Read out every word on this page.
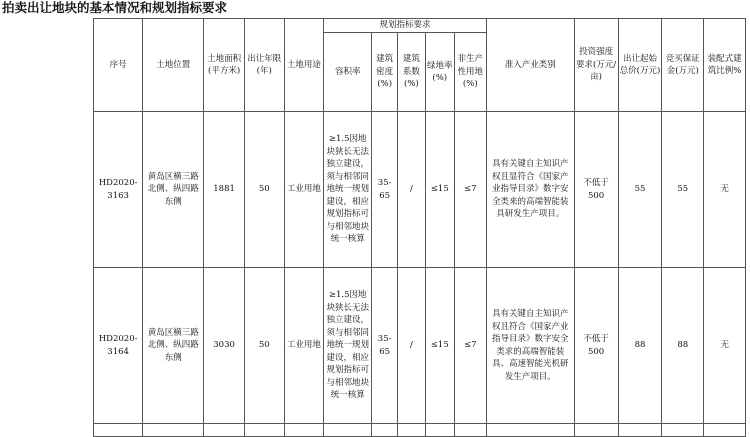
拍卖出让地块的基本情况和规划指标要求
序号	土地位置	土地面积(平方米)	出让年限(年)	土地用途	规划指标要求					准入产业类别	投资强度要求(万元/亩)	出让起始总价(万元)	竞买保证金(万元)	装配式建筑比例%
					容积率	建筑密度(%)	建筑系数(%)	绿地率(%)	非生产性用地(%)					
HD2020-3163	黄岛区横三路北侧、纵四路东侧	1881	50	工业用地	≥1.5因地块狭长无法独立建设，须与相邻同地统一规划建设，相应规划指标可与相邻地块统一核算	35-65	/	≤15	≤7	具有关键自主知识产权且显符合《国家产业指导目录》数字安全类来的高端智能装具研发生产项目。	不低于500	55	55	无
HD2020-3164	黄岛区横三路北侧、纵四路东侧	3030	50	工业用地	≥1.5因地块狭长无法独立建设，须与相邻同地统一规划建设，相应规划指标可与相邻地块统一核算	35-65	/	≤15	≤7	具有关键自主知识产权且符合《国家产业指导目录》数字安全类求的高端智能装具、高速智能光机研发生产项目。	不低于500	88	88	无
